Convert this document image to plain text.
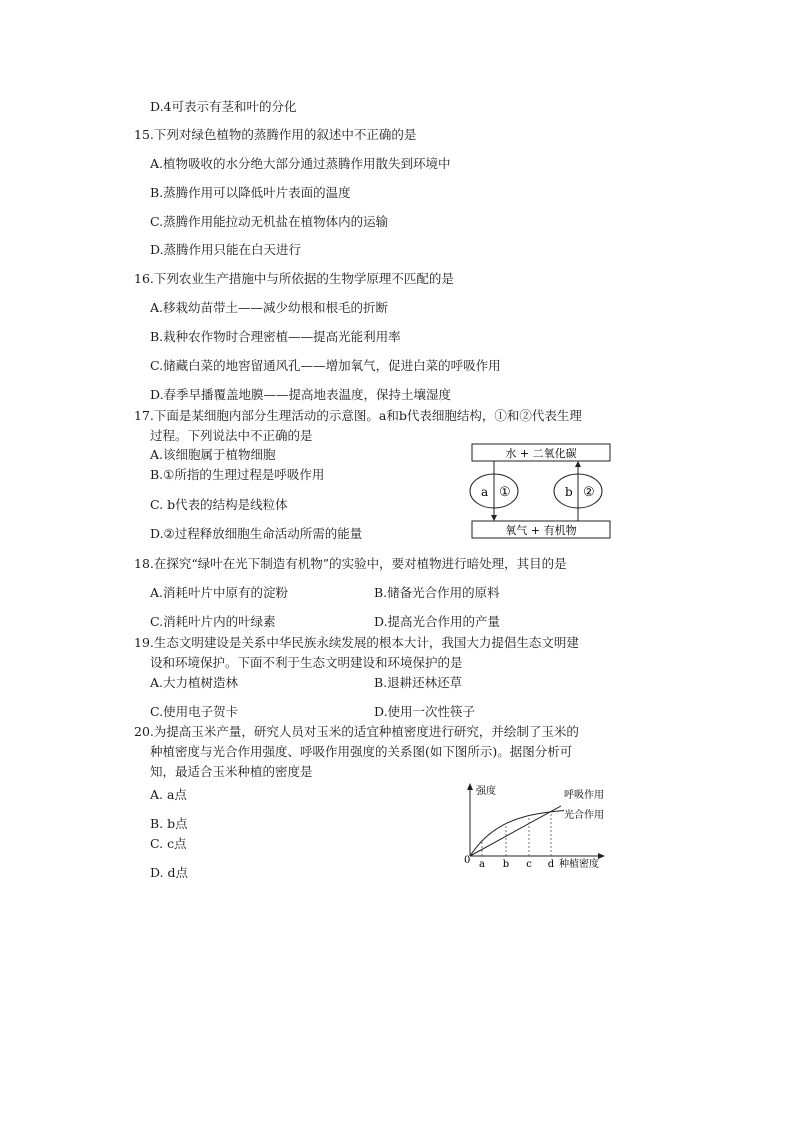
D.4可表示有茎和叶的分化
15.下列对绿色植物的蒸腾作用的叙述中不正确的是
A.植物吸收的水分绝大部分通过蒸腾作用散失到环境中
B.蒸腾作用可以降低叶片表面的温度
C.蒸腾作用能拉动无机盐在植物体内的运输
D.蒸腾作用只能在白天进行
16.下列农业生产措施中与所依据的生物学原理不匹配的是
A.移栽幼苗带土——减少幼根和根毛的折断
B.栽种农作物时合理密植——提高光能利用率
C.储藏白菜的地窖留通风孔——增加氧气，促进白菜的呼吸作用
D.春季早播覆盖地膜——提高地表温度，保持土壤湿度
17.下面是某细胞内部分生理活动的示意图。a和b代表细胞结构，①和②代表生理
过程。下列说法中不正确的是
A.该细胞属于植物细胞
B.①所指的生理过程是呼吸作用
C. b代表的结构是线粒体
D.②过程释放细胞生命活动所需的能量
水 + 二氧化碳
氧气 + 有机物
a ①	b ②
18.在探究“绿叶在光下制造有机物”的实验中，要对植物进行暗处理，其目的是
A.消耗叶片中原有的淀粉	B.储备光合作用的原料
C.消耗叶片内的叶绿素	D.提高光合作用的产量
19.生态文明建设是关系中华民族永续发展的根本大计，我国大力提倡生态文明建
设和环境保护。下面不利于生态文明建设和环境保护的是
A.大力植树造林	B.退耕还林还草
C.使用电子贺卡	D.使用一次性筷子
20.为提高玉米产量，研究人员对玉米的适宜种植密度进行研究，并绘制了玉米的
种植密度与光合作用强度、呼吸作用强度的关系图(如下图所示)。据图分析可
知，最适合玉米种植的密度是
A. a点
B. b点
C. c点
D. d点
0
强度
种植密度
a b c d
呼吸作用
光合作用
